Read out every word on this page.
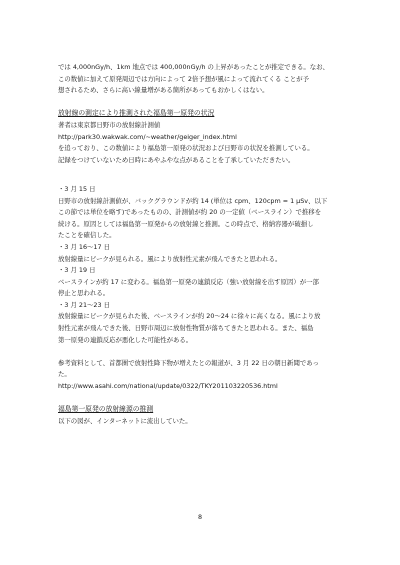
では 4,000nGy/h、1km 地点では 400,000nGy/h の上昇があったことが推定できる。なお、

この数値に加えて原発周辺では方向によって 2倍予想が風によって流れてくる ことが予

想されるため、さらに高い線量増がある箇所があってもおかしくはない。

放射線の測定により推測された福島第一原発の状況

著者は東京都日野市の放射線計測値

http://park30.wakwak.com/~weather/geiger_index.html

を追っており、この数値により福島第一原発の状況および日野市の状況を推測している。

記録をつけていないため日時にあやふやな点があることを了承していただきたい。

・3 月 15 日

日野市の放射線計測値が、バックグラウンドが約 14 (単位は cpm、120cpm = 1 μSv、以下

この節では単位を略す)であったものの、計測値が約 20 の一定値（ベースライン）で推移を

続ける。原因としては福島第一原発からの放射線と推測。この時点で、格納容器が破損し

たことを確信した。

・3 月 16〜17 日

放射線量にピークが見られる。風により放射性元素が飛んできたと思われる。

・3 月 19 日

ベースラインが約 17 に変わる。福島第一原発の連鎖反応（強い放射線を出す原因）が一部

停止と思われる。

・3 月 21〜23 日

放射線量にピークが見られた後、ベースラインが約 20〜24 に徐々に高くなる。風により放

射性元素が飛んできた後、日野市周辺に放射性物質が落ちてきたと思われる。また、福島

第一原発の連鎖反応が悪化した可能性がある。

参考資料として、首都圏で放射性降下物が増えたとの報道が、3 月 22 日の朝日新聞であっ

た。

http://www.asahi.com/national/update/0322/TKY201103220536.html

福島第一原発の放射線源の推測

以下の図が、インターネットに流出していた。

8
